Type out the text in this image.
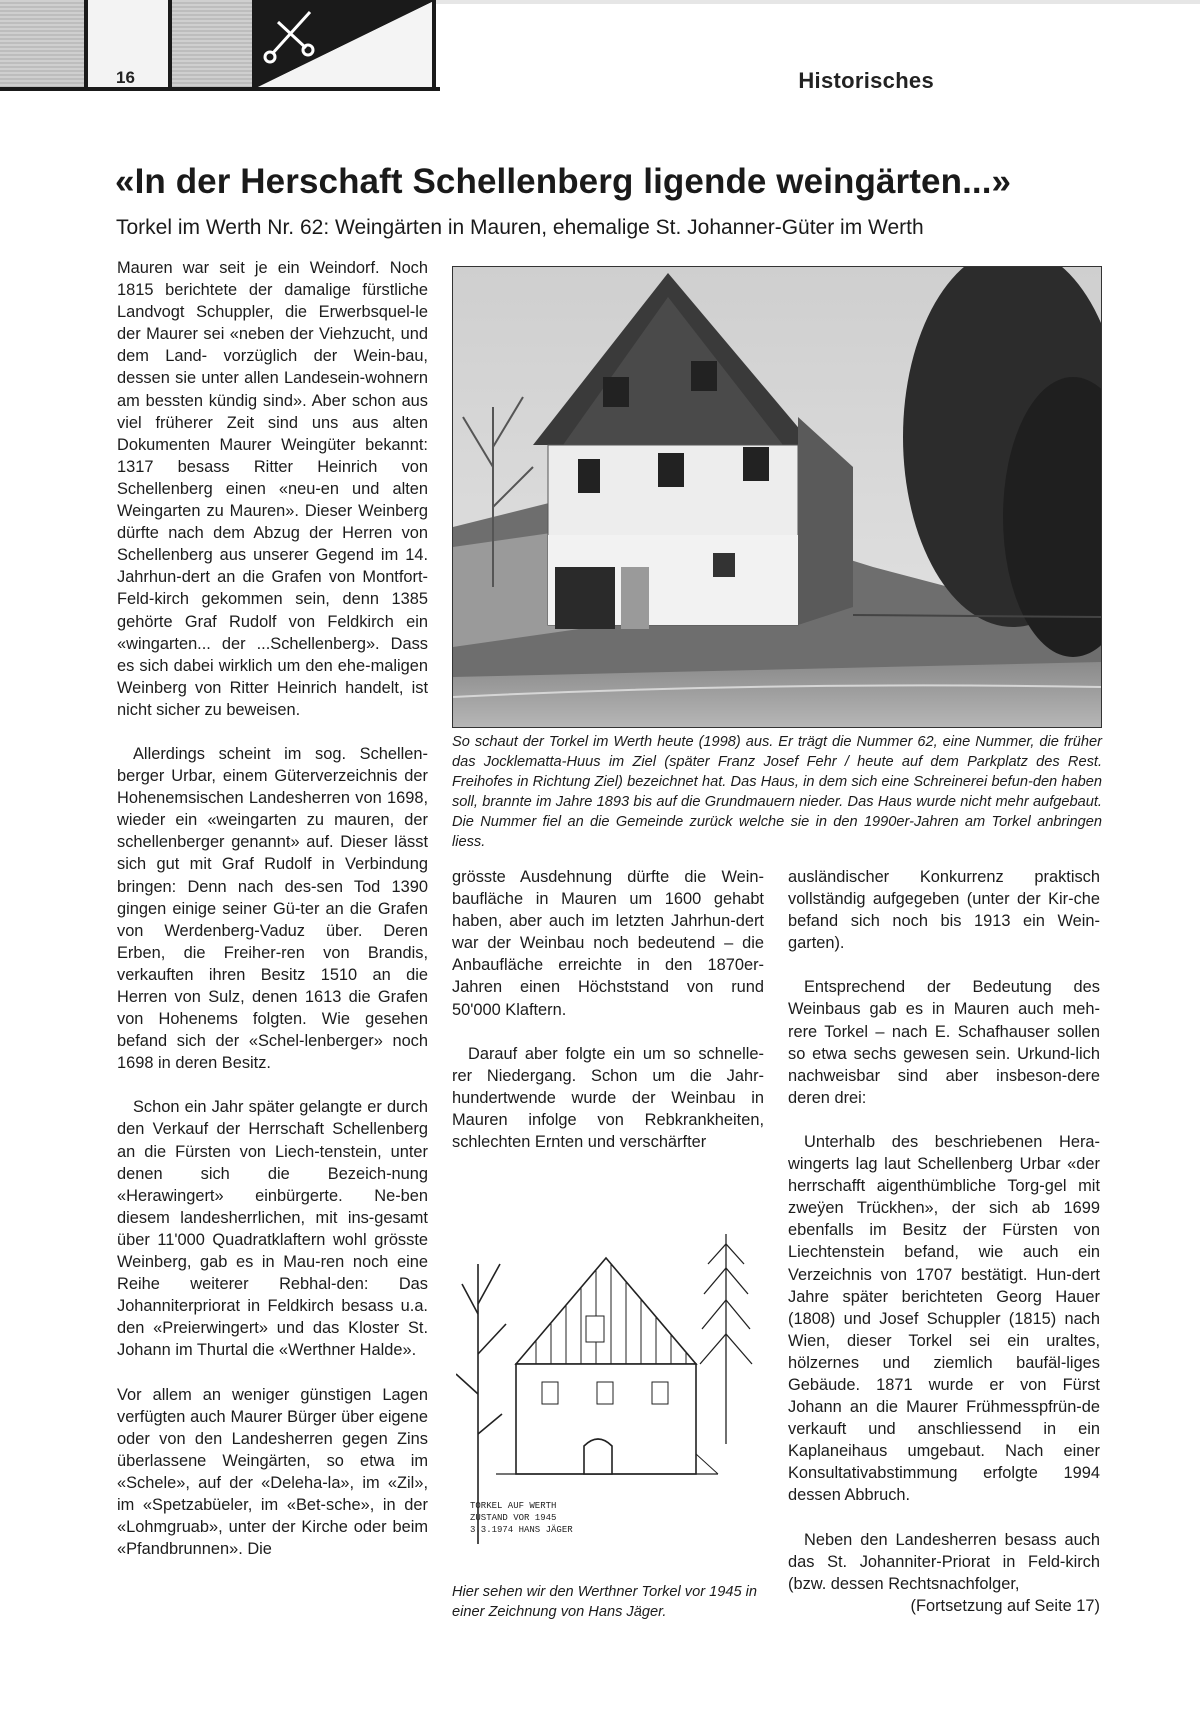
16	Historisches
«In der Herschaft Schellenberg ligende weingärten...»
Torkel im Werth Nr. 62: Weingärten in Mauren, ehemalige St. Johanner-Güter im Werth

Mauren war seit je ein Weindorf. Noch 1815 berichtete der damalige fürstliche Landvogt Schuppler, die Erwerbsquel-le der Maurer sei «neben der Viehzucht, und dem Land- vorzüglich der Wein-bau, dessen sie unter allen Landesein-wohnern am bessten kündig sind». Aber schon aus viel früherer Zeit sind uns aus alten Dokumenten Maurer Weingüter bekannt: 1317 besass Ritter Heinrich von Schellenberg einen «neu-en und alten Weingarten zu Mauren». Dieser Weinberg dürfte nach dem Abzug der Herren von Schellenberg aus unserer Gegend im 14. Jahrhun-dert an die Grafen von Montfort-Feld-kirch gekommen sein, denn 1385 gehörte Graf Rudolf von Feldkirch ein «wingarten... der ...Schellenberg». Dass es sich dabei wirklich um den ehe-maligen Weinberg von Ritter Heinrich handelt, ist nicht sicher zu beweisen.

Allerdings scheint im sog. Schellen-berger Urbar, einem Güterverzeichnis der Hohenemsischen Landesherren von 1698, wieder ein «weingarten zu mauren, der schellenberger genannt» auf. Dieser lässt sich gut mit Graf Rudolf in Verbindung bringen: Denn nach des-sen Tod 1390 gingen einige seiner Gü-ter an die Grafen von Werdenberg-Vaduz über. Deren Erben, die Freiher-ren von Brandis, verkauften ihren Besitz 1510 an die Herren von Sulz, denen 1613 die Grafen von Hohenems folgten. Wie gesehen befand sich der «Schel-lenberger» noch 1698 in deren Besitz.

Schon ein Jahr später gelangte er durch den Verkauf der Herrschaft Schellenberg an die Fürsten von Liech-tenstein, unter denen sich die Bezeich-nung «Herawingert» einbürgerte. Ne-ben diesem landesherrlichen, mit ins-gesamt über 11'000 Quadratklaftern wohl grösste Weinberg, gab es in Mau-ren noch eine Reihe weiterer Rebhal-den: Das Johanniterpriorat in Feldkirch besass u.a. den «Preierwingert» und das Kloster St. Johann im Thurtal die «Werthner Halde».

Vor allem an weniger günstigen Lagen verfügten auch Maurer Bürger über eigene oder von den Landesherren gegen Zins überlassene Weingärten, so etwa im «Schele», auf der «Deleha-la», im «Zil», im «Spetzabüeler, im «Bet-sche», in der «Lohmgruab», unter der Kirche oder beim «Pfandbrunnen». Die

So schaut der Torkel im Werth heute (1998) aus. Er trägt die Nummer 62, eine Nummer, die früher das Jocklematta-Huus im Ziel (später Franz Josef Fehr / heute auf dem Parkplatz des Rest. Freihofes in Richtung Ziel) bezeichnet hat. Das Haus, in dem sich eine Schreinerei befun-den haben soll, brannte im Jahre 1893 bis auf die Grundmauern nieder. Das Haus wurde nicht mehr aufgebaut. Die Nummer fiel an die Gemeinde zurück welche sie in den 1990er-Jahren am Torkel anbringen liess.

grösste Ausdehnung dürfte die Wein-baufläche in Mauren um 1600 gehabt haben, aber auch im letzten Jahrhun-dert war der Weinbau noch bedeutend – die Anbaufläche erreichte in den 1870er-Jahren einen Höchststand von rund 50'000 Klaftern.

Darauf aber folgte ein um so schnelle-rer Niedergang. Schon um die Jahr-hundertwende wurde der Weinbau in Mauren infolge von Rebkrankheiten, schlechten Ernten und verschärfter

ausländischer Konkurrenz praktisch vollständig aufgegeben (unter der Kir-che befand sich noch bis 1913 ein Wein-garten).

Entsprechend der Bedeutung des Weinbaus gab es in Mauren auch meh-rere Torkel – nach E. Schafhauser sollen so etwa sechs gewesen sein. Urkund-lich nachweisbar sind aber insbeson-dere deren drei:

Unterhalb des beschriebenen Hera-wingerts lag laut Schellenberg Urbar «der herrschafft aigenthümbliche Torg-gel mit zweÿen Trückhen», der sich ab 1699 ebenfalls im Besitz der Fürsten von Liechtenstein befand, wie auch ein Verzeichnis von 1707 bestätigt. Hun-dert Jahre später berichteten Georg Hauer (1808) und Josef Schuppler (1815) nach Wien, dieser Torkel sei ein uraltes, hölzernes und ziemlich baufäl-liges Gebäude. 1871 wurde er von Fürst Johann an die Maurer Frühmesspfrün-de verkauft und anschliessend in ein Kaplaneihaus umgebaut. Nach einer Konsultativabstimmung erfolgte 1994 dessen Abbruch.

Neben den Landesherren besass auch das St. Johanniter-Priorat in Feld-kirch (bzw. dessen Rechtsnachfolger,

(Fortsetzung auf Seite 17)
TORKEL AUF WERTH
ZUSTAND VOR 1945
3.3.1974 HANS JÄGER
Hier sehen wir den Werthner Torkel vor 1945 in einer Zeichnung von Hans Jäger.
